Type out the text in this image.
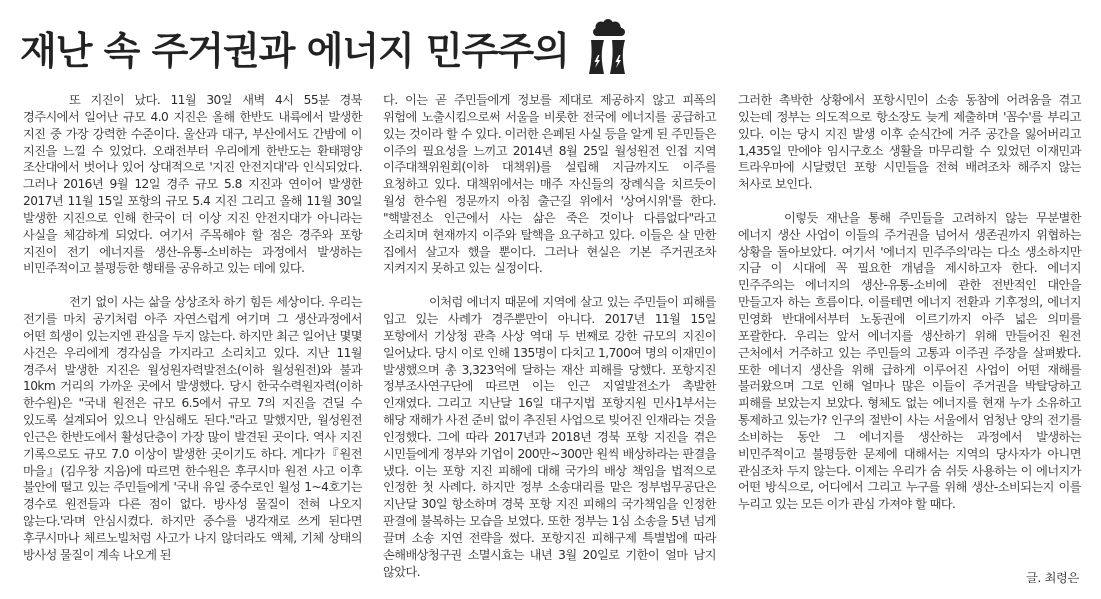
재난 속 주거권과 에너지 민주주의

또 지진이 났다. 11월 30일 새벽 4시 55분 경북 경주시에서 일어난 규모 4.0 지진은 올해 한반도 내륙에서 발생한 지진 중 가장 강력한 수준이다. 울산과 대구, 부산에서도 간밤에 이 지진을 느낄 수 있었다. 오래전부터 우리에게 한반도는 환태평양 조산대에서 벗어나 있어 상대적으로 '지진 안전지대'라 인식되었다. 그러나 2016년 9월 12일 경주 규모 5.8 지진과 연이어 발생한 2017년 11월 15일 포항의 규모 5.4 지진 그리고 올해 11월 30일 발생한 지진으로 인해 한국이 더 이상 지진 안전지대가 아니라는 사실을 체감하게 되었다. 여기서 주목해야 할 점은 경주와 포항 지진이 전기 에너지를 생산-유통-소비하는 과정에서 발생하는 비민주적이고 불평등한 행태를 공유하고 있는 데에 있다.

전기 없이 사는 삶을 상상조차 하기 힘든 세상이다. 우리는 전기를 마치 공기처럼 아주 자연스럽게 여기며 그 생산과정에서 어떤 희생이 있는지엔 관심을 두지 않는다. 하지만 최근 일어난 몇몇 사건은 우리에게 경각심을 가지라고 소리치고 있다. 지난 11월 경주서 발생한 지진은 월성원자력발전소(이하 월성원전)와 불과 10km 거리의 가까운 곳에서 발생했다. 당시 한국수력원자력(이하 한수원)은 "국내 원전은 규모 6.5에서 규모 7의 지진을 견딜 수 있도록 설계되어 있으니 안심해도 된다."라고 말했지만, 월성원전 인근은 한반도에서 활성단층이 가장 많이 발견된 곳이다. 역사 지진 기록으로도 규모 7.0 이상이 발생한 곳이기도 하다. 게다가『원전 마을』(김우창 지음)에 따르면 한수원은 후쿠시마 원전 사고 이후 불안에 떨고 있는 주민들에게 '국내 유일 중수로인 월성 1~4호기는 경수로 원전들과 다른 점이 없다. 방사성 물질이 전혀 나오지 않는다.'라며 안심시켰다. 하지만 중수를 냉각재로 쓰게 된다면 후쿠시마나 체르노빌처럼 사고가 나지 않더라도 액체, 기체 상태의 방사성 물질이 계속 나오게 된

다. 이는 곧 주민들에게 정보를 제대로 제공하지 않고 피폭의 위험에 노출시킴으로써 서울을 비롯한 전국에 에너지를 공급하고 있는 것이라 할 수 있다. 이러한 은폐된 사실 등을 알게 된 주민들은 이주의 필요성을 느끼고 2014년 8월 25일 월성원전 인접 지역 이주대책위원회(이하 대책위)를 설립해 지금까지도 이주를 요청하고 있다. 대책위에서는 매주 자신들의 장례식을 치르듯이 월성 한수원 정문까지 아침 출근길 위에서 '상여시위'를 한다. "핵발전소 인근에서 사는 삶은 죽은 것이나 다름없다"라고 소리치며 현재까지 이주와 탈핵을 요구하고 있다. 이들은 살 만한 집에서 살고자 했을 뿐이다. 그러나 현실은 기본 주거권조차 지켜지지 못하고 있는 실정이다.

이처럼 에너지 때문에 지역에 살고 있는 주민들이 피해를 입고 있는 사례가 경주뿐만이 아니다. 2017년 11월 15일 포항에서 기상청 관측 사상 역대 두 번째로 강한 규모의 지진이 일어났다. 당시 이로 인해 135명이 다치고 1,700여 명의 이재민이 발생했으며 총 3,323억에 달하는 재산 피해를 당했다. 포항지진 정부조사연구단에 따르면 이는 인근 지열발전소가 촉발한 인재였다. 그리고 지난달 16일 대구지법 포항지원 민사1부서는 해당 재해가 사전 준비 없이 추진된 사업으로 빚어진 인재라는 것을 인정했다. 그에 따라 2017년과 2018년 경북 포항 지진을 겪은 시민들에게 정부와 기업이 200만~300만 원씩 배상하라는 판결을 냈다. 이는 포항 지진 피해에 대해 국가의 배상 책임을 법적으로 인정한 첫 사례다. 하지만 정부 소송대리를 맡은 정부법무공단은 지난달 30일 항소하며 경북 포항 지진 피해의 국가책임을 인정한 판결에 불복하는 모습을 보였다. 또한 정부는 1심 소송을 5년 넘게 끌며 소송 지연 전략을 썼다. 포항지진 피해구제 특별법에 따라 손해배상청구권 소멸시효는 내년 3월 20일로 기한이 얼마 남지 않았다.

그러한 촉박한 상황에서 포항시민이 소송 동참에 어려움을 겪고 있는데 정부는 의도적으로 항소장도 늦게 제출하며 '꼼수'를 부리고 있다. 이는 당시 지진 발생 이후 순식간에 거주 공간을 잃어버리고 1,435일 만에야 임시구호소 생활을 마무리할 수 있었던 이재민과 트라우마에 시달렸던 포항 시민들을 전혀 배려조차 해주지 않는 처사로 보인다.

이렇듯 재난을 통해 주민들을 고려하지 않는 무분별한 에너지 생산 사업이 이들의 주거권을 넘어서 생존권까지 위협하는 상황을 돌아보았다. 여기서 '에너지 민주주의'라는 다소 생소하지만 지금 이 시대에 꼭 필요한 개념을 제시하고자 한다. 에너지 민주주의는 에너지의 생산-유통-소비에 관한 전반적인 대안을 만들고자 하는 흐름이다. 이를테면 에너지 전환과 기후정의, 에너지 민영화 반대에서부터 노동권에 이르기까지 아주 넓은 의미를 포괄한다. 우리는 앞서 에너지를 생산하기 위해 만들어진 원전 근처에서 거주하고 있는 주민들의 고통과 이주권 주장을 살펴봤다. 또한 에너지 생산을 위해 급하게 이루어진 사업이 어떤 재해를 불러왔으며 그로 인해 얼마나 많은 이들이 주거권을 박탈당하고 피해를 보았는지 보았다. 형체도 없는 에너지를 현재 누가 소유하고 통제하고 있는가? 인구의 절반이 사는 서울에서 엄청난 양의 전기를 소비하는 동안 그 에너지를 생산하는 과정에서 발생하는 비민주적이고 불평등한 문제에 대해서는 지역의 당사자가 아니면 관심조차 두지 않는다. 이제는 우리가 숨 쉬듯 사용하는 이 에너지가 어떤 방식으로, 어디에서 그리고 누구를 위해 생산-소비되는지 이를 누리고 있는 모든 이가 관심 가져야 할 때다.

글. 최령은
